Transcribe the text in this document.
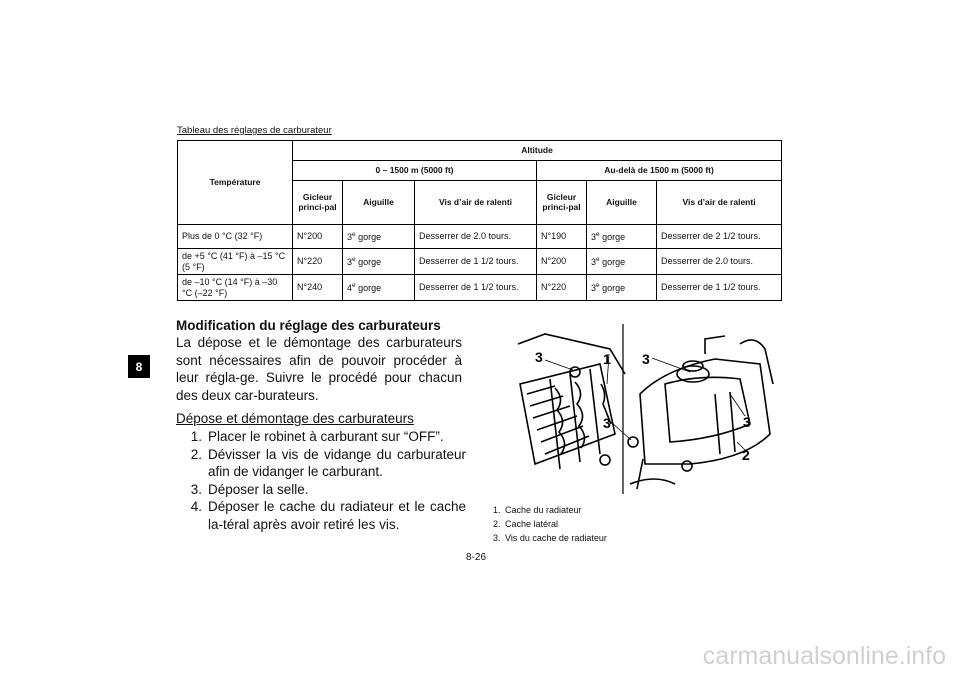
Tableau des réglages de carburateur
8
Température	Altitude					
	0 – 1500 m (5000 ft)			Au-delà de 1500 m (5000 ft)		
	Gicleur princi-pal	Aiguille	Vis d’air de ralenti	Gicleur princi-pal	Aiguille	Vis d’air de ralenti
Plus de 0 °C (32 °F)	N°200	3e gorge	Desserrer de 2.0 tours.	N°190	3e gorge	Desserrer de 2 1/2 tours.
de +5 °C (41 °F) à –15 °C (5 °F)	N°220	3e gorge	Desserrer de 1 1/2 tours.	N°200	3e gorge	Desserrer de 2.0 tours.
de –10 °C (14 °F) à –30 °C (–22 °F)	N°240	4e gorge	Desserrer de 1 1/2 tours.	N°220	3e gorge	Desserrer de 1 1/2 tours.
Modification du réglage des carburateurs
La dépose et le démontage des carburateurs sont nécessaires afin de pouvoir procéder à leur régla-ge. Suivre le procédé pour chacun des deux car-burateurs.
Dépose et démontage des carburateurs
1. Placer le robinet à carburant sur “OFF”.
2. Dévisser la vis de vidange du carburateur afin de vidanger le carburant.
3. Déposer la selle.
4. Déposer le cache du radiateur et le cache la-téral après avoir retiré les vis.
3	1 3
3	3
2
1. Cache du radiateur
2. Cache latéral
3. Vis du cache de radiateur
8-26
carmanualsonline.info
